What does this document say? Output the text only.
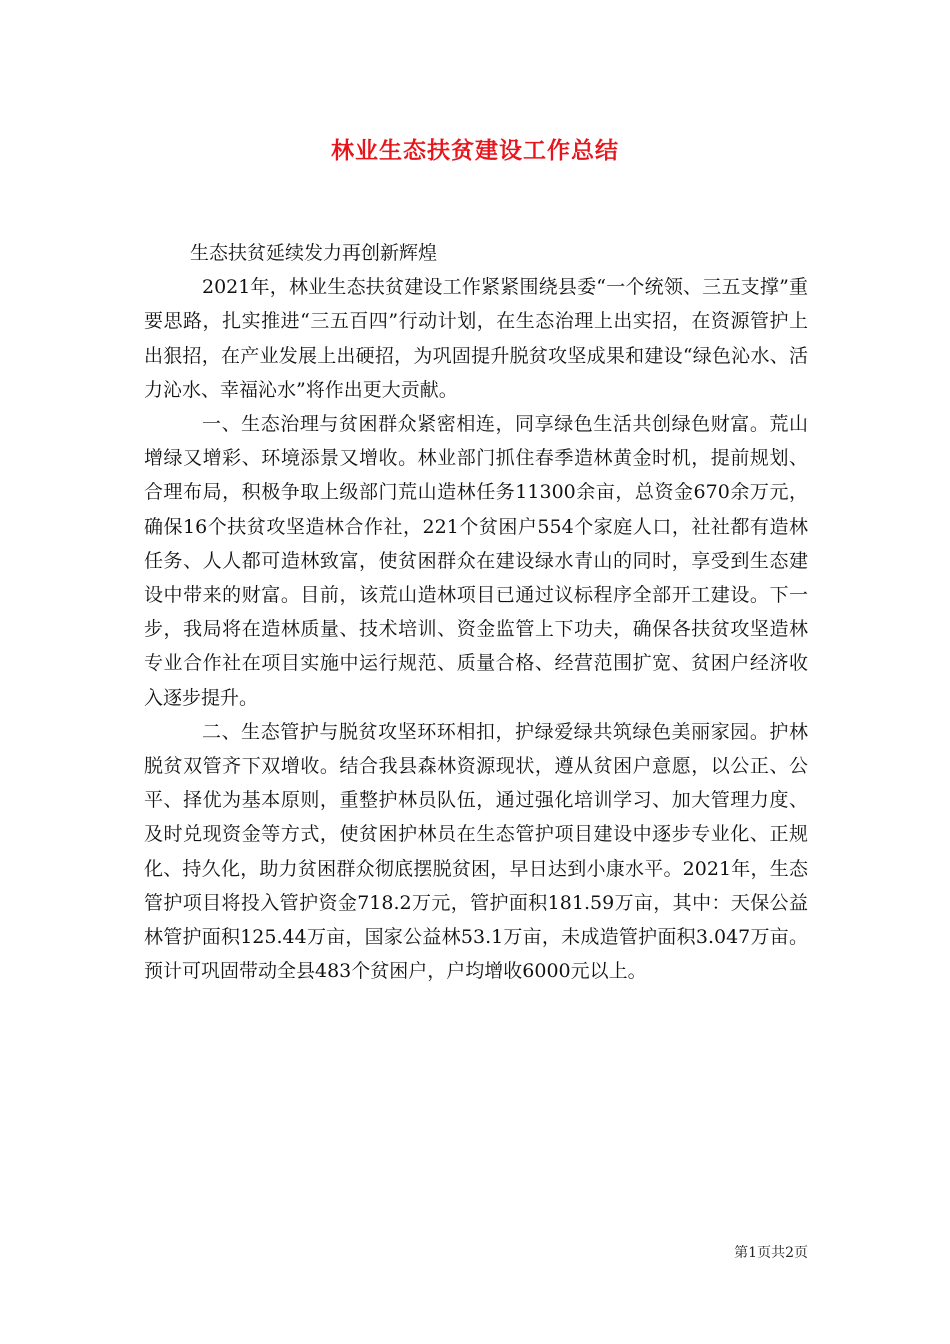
林业生态扶贫建设工作总结

生态扶贫延续发力再创新辉煌

2021年，林业生态扶贫建设工作紧紧围绕县委“一个统领、三五支撑”重要思路，扎实推进“三五百四”行动计划，在生态治理上出实招，在资源管护上出狠招，在产业发展上出硬招，为巩固提升脱贫攻坚成果和建设“绿色沁水、活力沁水、幸福沁水”将作出更大贡献。

一、生态治理与贫困群众紧密相连，同享绿色生活共创绿色财富。荒山增绿又增彩、环境添景又增收。林业部门抓住春季造林黄金时机，提前规划、合理布局，积极争取上级部门荒山造林任务11300余亩，总资金670余万元，确保16个扶贫攻坚造林合作社，221个贫困户554个家庭人口，社社都有造林任务、人人都可造林致富，使贫困群众在建设绿水青山的同时，享受到生态建设中带来的财富。目前，该荒山造林项目已通过议标程序全部开工建设。下一步，我局将在造林质量、技术培训、资金监管上下功夫，确保各扶贫攻坚造林专业合作社在项目实施中运行规范、质量合格、经营范围扩宽、贫困户经济收入逐步提升。

二、生态管护与脱贫攻坚环环相扣，护绿爱绿共筑绿色美丽家园。护林脱贫双管齐下双增收。结合我县森林资源现状，遵从贫困户意愿，以公正、公平、择优为基本原则，重整护林员队伍，通过强化培训学习、加大管理力度、及时兑现资金等方式，使贫困护林员在生态管护项目建设中逐步专业化、正规化、持久化，助力贫困群众彻底摆脱贫困，早日达到小康水平。2021年，生态管护项目将投入管护资金718.2万元，管护面积181.59万亩，其中：天保公益林管护面积125.44万亩，国家公益林53.1万亩，未成造管护面积3.047万亩。预计可巩固带动全县483个贫困户，户均增收6000元以上。

第1页共2页
